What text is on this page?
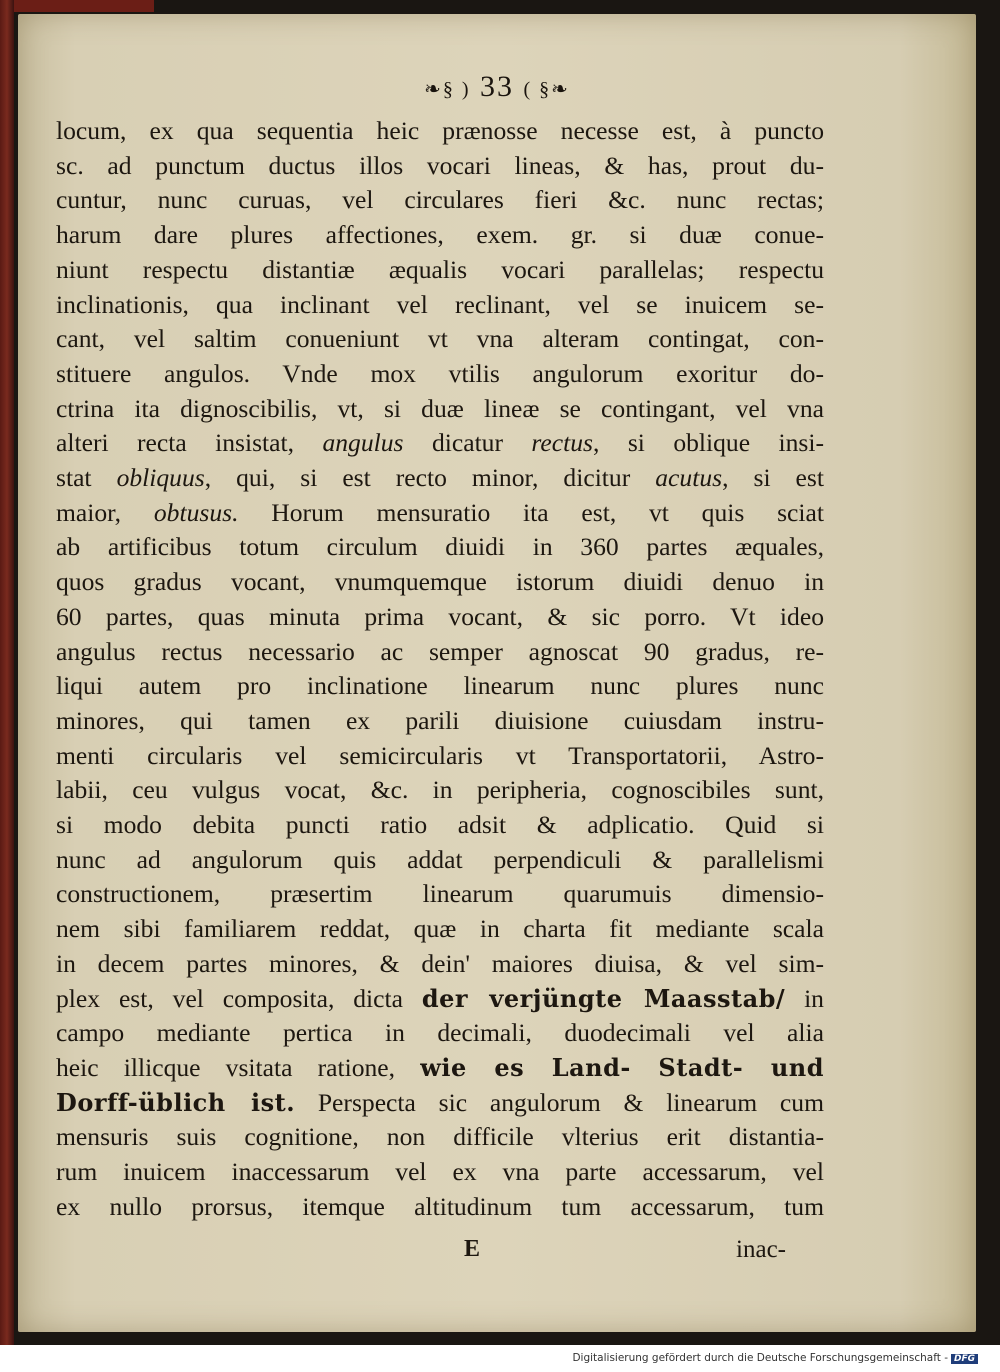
❧§ ) 33 ( §❧
locum, ex qua sequentia heic prænosse necesse est, à puncto
sc. ad punctum ductus illos vocari lineas, & has, prout du-
cuntur, nunc curuas, vel circulares fieri &c. nunc rectas;
harum dare plures affectiones, exem. gr. si duæ conue-
niunt respectu distantiæ æqualis vocari parallelas; respectu
inclinationis, qua inclinant vel reclinant, vel se inuicem se-
cant, vel saltim conueniunt vt vna alteram contingat, con-
stituere angulos. Vnde mox vtilis angulorum exoritur do-
ctrina ita dignoscibilis, vt, si duæ lineæ se contingant, vel vna
alteri recta insistat, angulus dicatur rectus, si oblique insi-
stat obliquus, qui, si est recto minor, dicitur acutus, si est
maior, obtusus. Horum mensuratio ita est, vt quis sciat
ab artificibus totum circulum diuidi in 360 partes æquales,
quos gradus vocant, vnumquemque istorum diuidi denuo in
60 partes, quas minuta prima vocant, & sic porro. Vt ideo
angulus rectus necessario ac semper agnoscat 90 gradus, re-
liqui autem pro inclinatione linearum nunc plures nunc
minores, qui tamen ex parili diuisione cuiusdam instru-
menti circularis vel semicircularis vt Transportatorii, Astro-
labii, ceu vulgus vocat, &c. in peripheria, cognoscibiles sunt,
si modo debita puncti ratio adsit & adplicatio. Quid si
nunc ad angulorum quis addat perpendiculi & parallelismi
constructionem, præsertim linearum quarumuis dimensio-
nem sibi familiarem reddat, quæ in charta fit mediante scala
in decem partes minores, & dein' maiores diuisa, & vel sim-
plex est, vel composita, dicta der verjüngte Maasstab/ in
campo mediante pertica in decimali, duodecimali vel alia
heic illicque vsitata ratione, wie es Land- Stadt- und
Dorff-üblich ist. Perspecta sic angulorum & linearum cum
mensuris suis cognitione, non difficile vlterius erit distantia-
rum inuicem inaccessarum vel ex vna parte accessarum, vel
ex nullo prorsus, itemque altitudinum tum accessarum, tum
E	inac-
Digitalisierung gefördert durch die Deutsche Forschungsgemeinschaft - DFG
